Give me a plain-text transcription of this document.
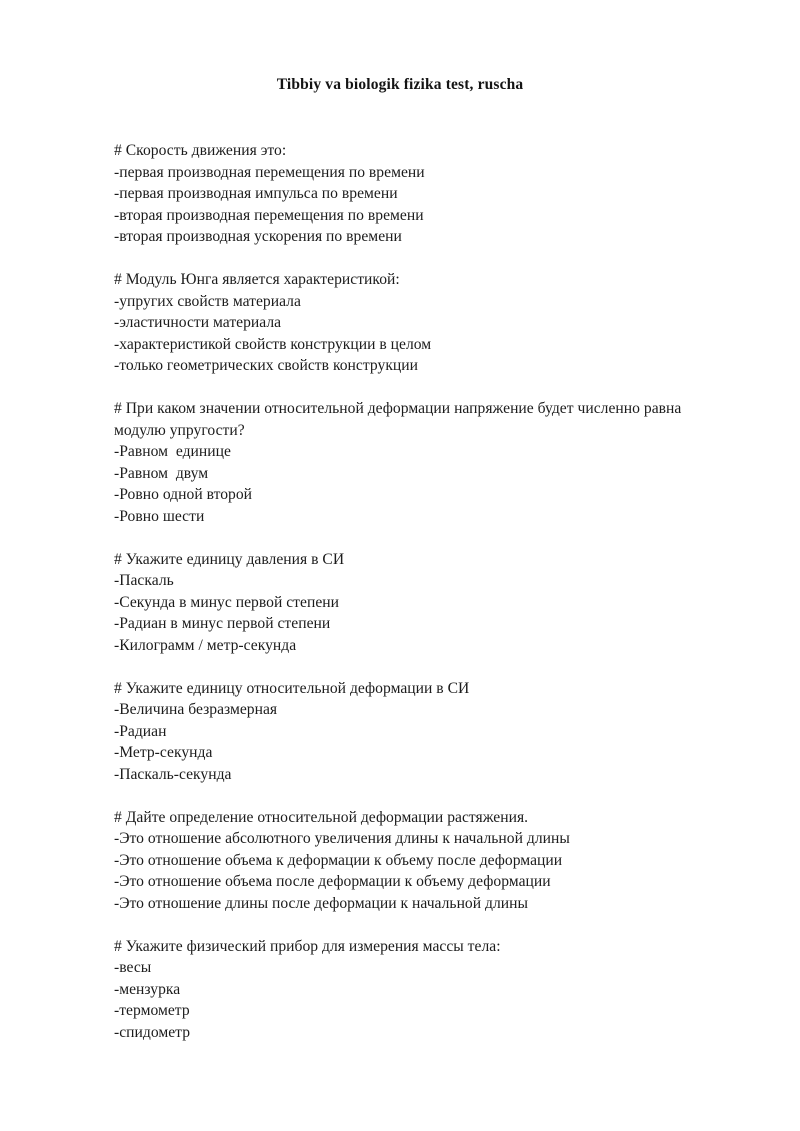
Tibbiy va biologik fizika test, ruscha

# Скорость движения это:

-первая производная перемещения по времени

-первая производная импульса по времени

-вторая производная перемещения по времени

-вторая производная ускорения по времени

# Модуль Юнга является характеристикой:

-упругих свойств материала

-эластичности материала

-характеристикой свойств конструкции в целом

-только геометрических свойств конструкции

# При каком значении относительной деформации напряжение будет численно равна модулю упругости?

-Равном  единице

-Равном  двум

-Ровно одной второй

-Ровно шести

# Укажите единицу давления в СИ

-Паскаль

-Секунда в минус первой степени

-Радиан в минус первой степени

-Килограмм / метр-секунда

# Укажите единицу относительной деформации в СИ

-Величина безразмерная

-Радиан

-Метр-секунда

-Паскаль-секунда

# Дайте определение относительной деформации растяжения.

-Это отношение абсолютного увеличения длины к начальной длины

-Это отношение объема к деформации к объему после деформации

-Это отношение объема после деформации к объему деформации

-Это отношение длины после деформации к начальной длины

# Укажите физический прибор для измерения массы тела:

-весы

-мензурка

-термометр

-спидометр
